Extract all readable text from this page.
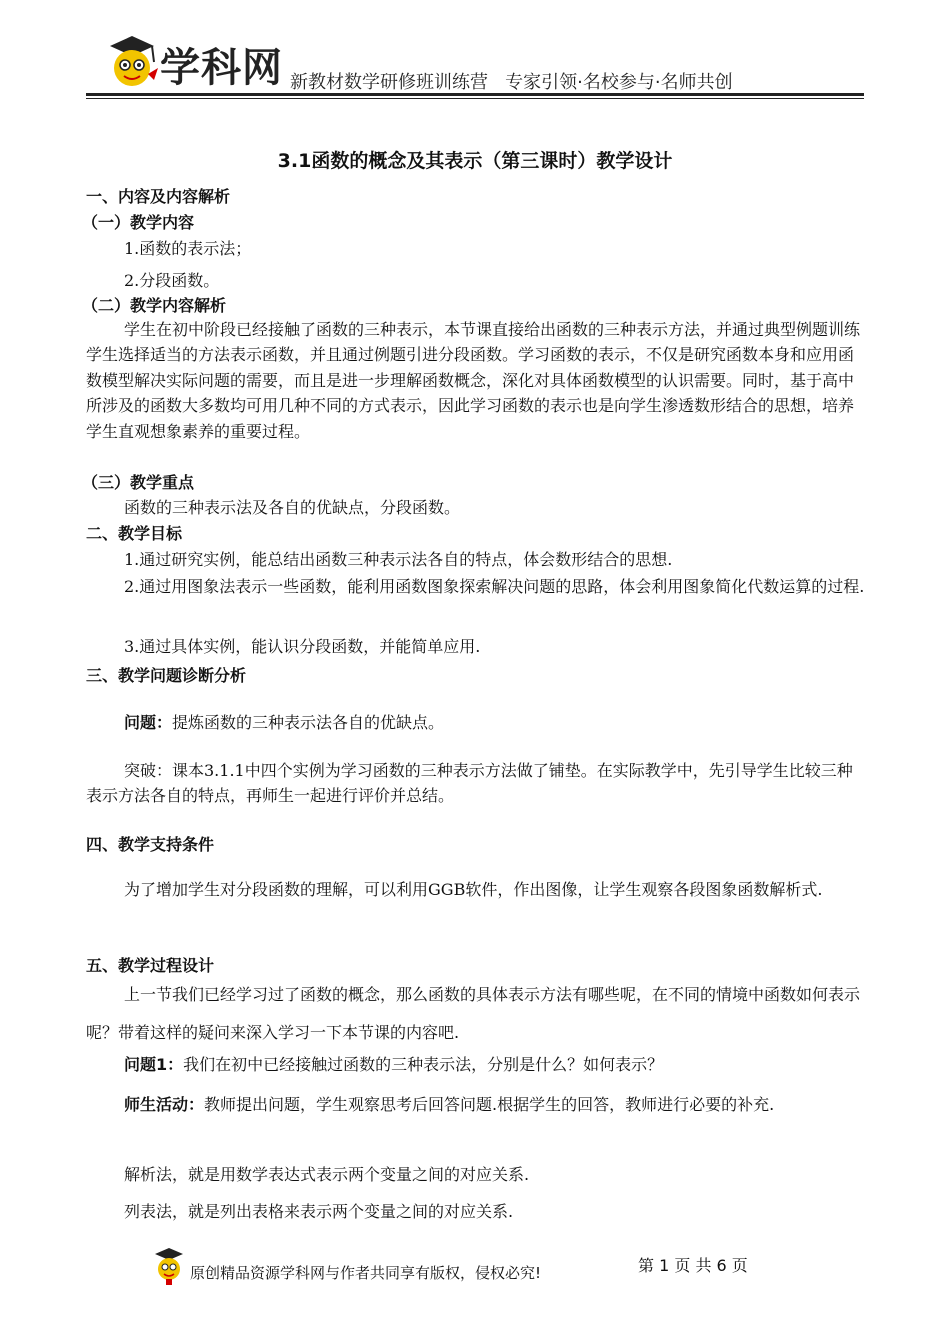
学科网 新教材数学研修班训练营   专家引领·名校参与·名师共创
3.1函数的概念及其表示（第三课时）教学设计
一、内容及内容解析
（一）教学内容
1.函数的表示法；
2.分段函数。
（二）教学内容解析
学生在初中阶段已经接触了函数的三种表示，本节课直接给出函数的三种表示方法，并通过典型例题训练学生选择适当的方法表示函数，并且通过例题引进分段函数。学习函数的表示，不仅是研究函数本身和应用函数模型解决实际问题的需要，而且是进一步理解函数概念，深化对具体函数模型的认识需要。同时，基于高中所涉及的函数大多数均可用几种不同的方式表示，因此学习函数的表示也是向学生渗透数形结合的思想，培养学生直观想象素养的重要过程。
（三）教学重点
函数的三种表示法及各自的优缺点，分段函数。
二、教学目标
1.通过研究实例，能总结出函数三种表示法各自的特点，体会数形结合的思想.
2.通过用图象法表示一些函数，能利用函数图象探索解决问题的思路，体会利用图象简化代数运算的过程.
3.通过具体实例，能认识分段函数，并能简单应用.
三、教学问题诊断分析
问题：提炼函数的三种表示法各自的优缺点。
突破：课本3.1.1中四个实例为学习函数的三种表示方法做了铺垫。在实际教学中，先引导学生比较三种表示方法各自的特点，再师生一起进行评价并总结。
四、教学支持条件
为了增加学生对分段函数的理解，可以利用GGB软件，作出图像，让学生观察各段图象函数解析式.
五、教学过程设计
上一节我们已经学习过了函数的概念，那么函数的具体表示方法有哪些呢，在不同的情境中函数如何表示呢？带着这样的疑问来深入学习一下本节课的内容吧.
问题1：我们在初中已经接触过函数的三种表示法，分别是什么？如何表示？
师生活动：教师提出问题，学生观察思考后回答问题.根据学生的回答，教师进行必要的补充.
解析法，就是用数学表达式表示两个变量之间的对应关系.
列表法，就是列出表格来表示两个变量之间的对应关系.
原创精品资源学科网与作者共同享有版权，侵权必究!	第 1 页 共 6 页
